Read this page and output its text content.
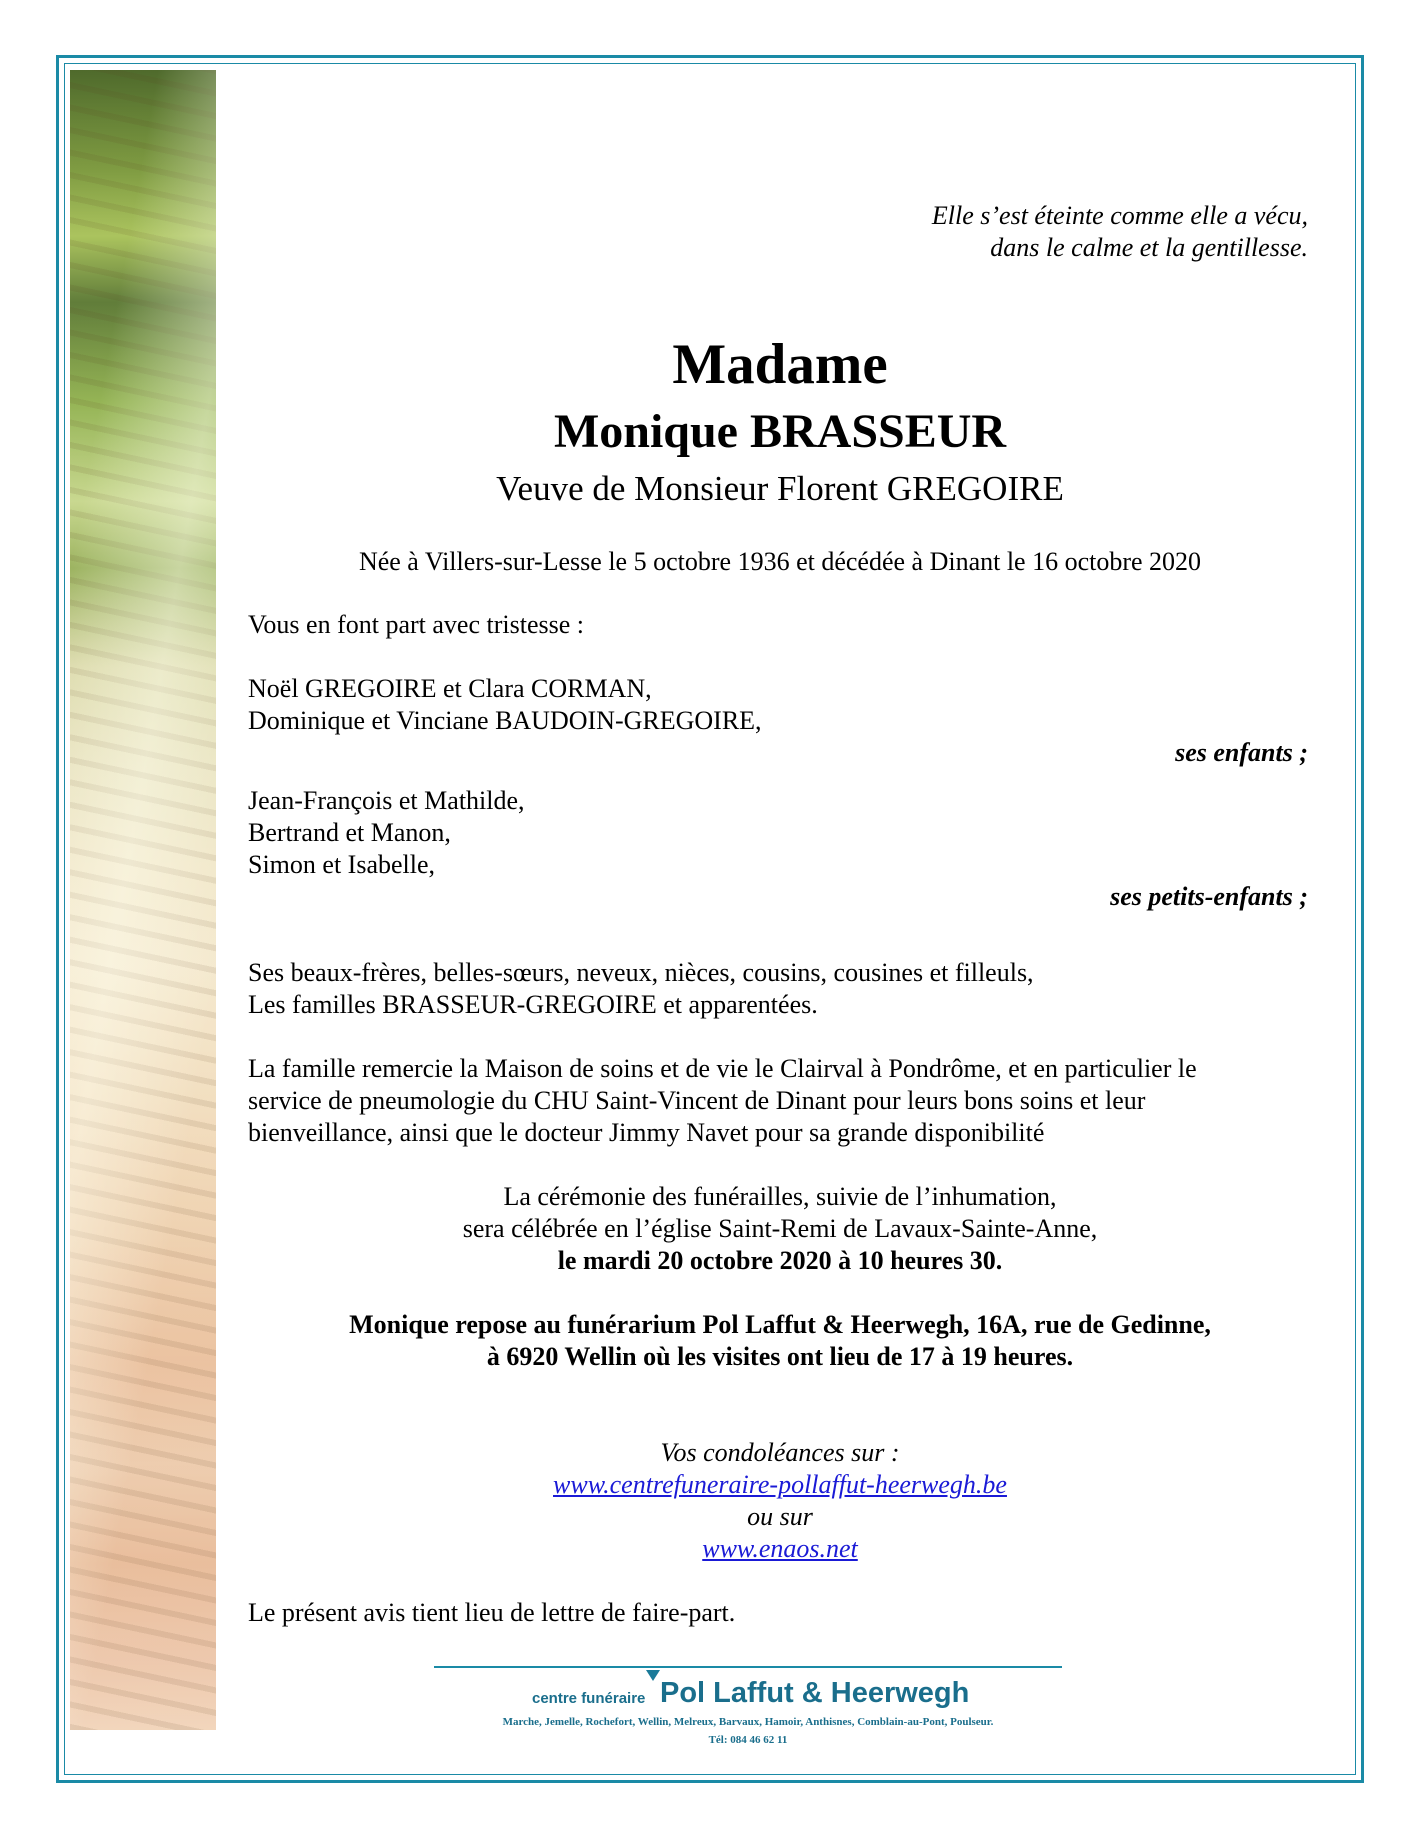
Elle s’est éteinte comme elle a vécu,
dans le calme et la gentillesse.
Madame
Monique BRASSEUR
Veuve de Monsieur Florent GREGOIRE
Née à Villers-sur-Lesse le 5 octobre 1936 et décédée à Dinant le 16 octobre 2020
Vous en font part avec tristesse :
Noël GREGOIRE et Clara CORMAN,
Dominique et Vinciane BAUDOIN-GREGOIRE,
ses enfants ;
Jean-François et Mathilde,
Bertrand et Manon,
Simon et Isabelle,
ses petits-enfants ;
Ses beaux-frères, belles-sœurs, neveux, nièces, cousins, cousines et filleuls,
Les familles BRASSEUR-GREGOIRE et apparentées.
La famille remercie la Maison de soins et de vie le Clairval à Pondrôme, et en particulier le
service de pneumologie du CHU Saint-Vincent de Dinant pour leurs bons soins et leur
bienveillance, ainsi que le docteur Jimmy Navet pour sa grande disponibilité
La cérémonie des funérailles, suivie de l’inhumation,
sera célébrée en l’église Saint-Remi de Lavaux-Sainte-Anne,
le mardi 20 octobre 2020 à 10 heures 30.
Monique repose au funérarium Pol Laffut & Heerwegh, 16A, rue de Gedinne,
à 6920 Wellin où les visites ont lieu de 17 à 19 heures.
Vos condoléances sur :
www.centrefuneraire-pollaffut-heerwegh.be
ou sur
www.enaos.net
Le présent avis tient lieu de lettre de faire-part.
centre funéraire Pol Laffut & Heerwegh
Marche, Jemelle, Rochefort, Wellin, Melreux, Barvaux, Hamoir, Anthisnes, Comblain-au-Pont, Poulseur.
Tél: 084 46 62 11
